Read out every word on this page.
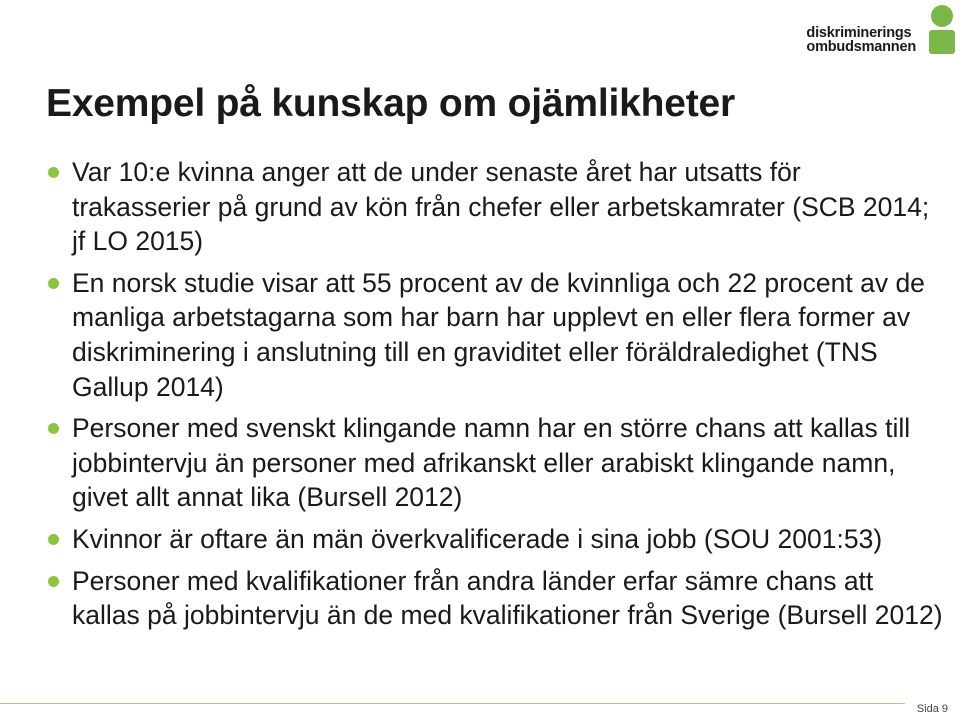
diskriminerings
ombudsmannen
Exempel på kunskap om ojämlikheter
Var 10:e kvinna anger att de under senaste året har utsatts för trakasserier på grund av kön från chefer eller arbetskamrater (SCB 2014; jf LO 2015)
En norsk studie visar att 55 procent av de kvinnliga och 22 procent av de manliga arbetstagarna som har barn har upplevt en eller flera former av diskriminering i anslutning till en graviditet eller föräldraledighet (TNS Gallup 2014)
Personer med svenskt klingande namn har en större chans att kallas till jobbintervju än personer med afrikanskt eller arabiskt klingande namn, givet allt annat lika (Bursell 2012)
Kvinnor är oftare än män överkvalificerade i sina jobb (SOU 2001:53)
Personer med kvalifikationer från andra länder erfar sämre chans att kallas på jobbintervju än de med kvalifikationer från Sverige (Bursell 2012)
Sida 9
